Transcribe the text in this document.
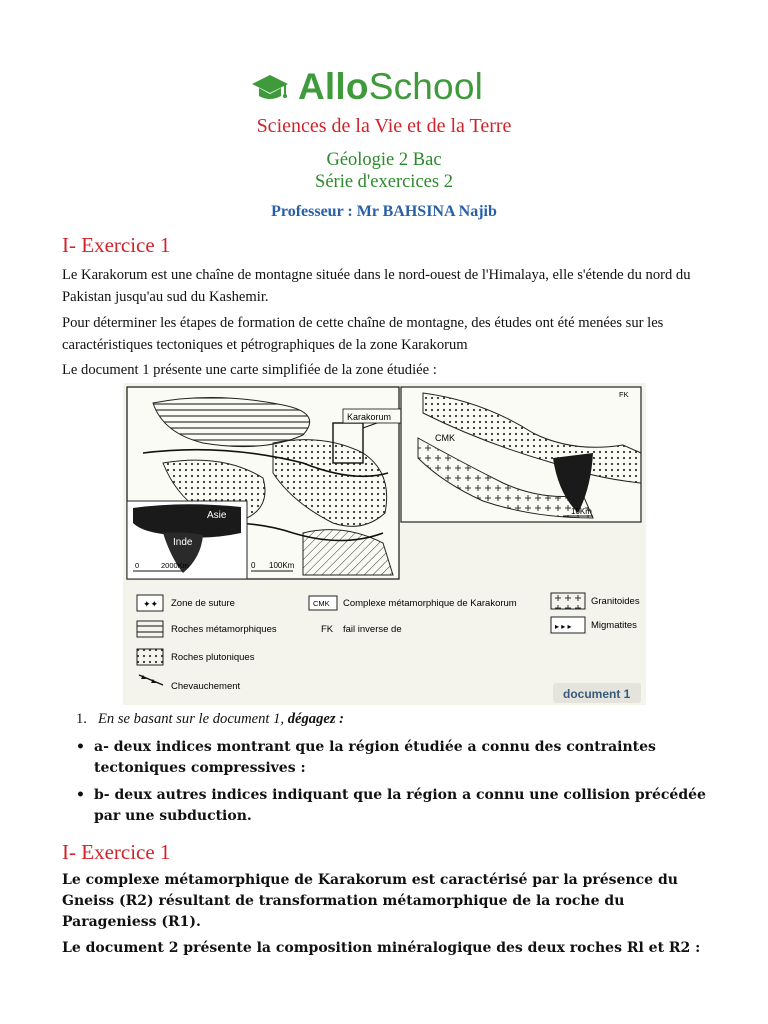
AlloSchool
Sciences de la Vie et de la Terre
Géologie 2 Bac
Série d'exercices 2
Professeur : Mr BAHSINA Najib
I- Exercice 1
Le Karakorum est une chaîne de montagne située dans le nord-ouest de l'Himalaya, elle s'étende du nord du Pakistan jusqu'au sud du Kashemir.
Pour déterminer les étapes de formation de cette chaîne de montagne, des études ont été menées sur les caractéristiques tectoniques et pétrographiques de la zone Karakorum
Le document 1 présente une carte simplifiée de la zone étudiée :
Karakorum
Asie
Inde
0	2000Km	0 100Km
CMK
FK
10Km
✦✦ Zone de suture
Roches métamorphiques
Roches plutoniques
Chevauchement
CMK Complexe métamorphique de Karakorum
FK fail inverse de
Granitoides
▸ ▸ ▸ Migmatites
document 1
1. En se basant sur le document 1, dégagez :
• a- deux indices montrant que la région étudiée a connu des contraintes tectoniques compressives :
• b- deux autres indices indiquant que la région a connu une collision précédée par une subduction.
I- Exercice 1
Le complexe métamorphique de Karakorum est caractérisé par la présence du Gneiss (R2) résultant de transformation métamorphique de la roche du Parageniess (R1).
Le document 2 présente la composition minéralogique des deux roches Rl et R2 :
